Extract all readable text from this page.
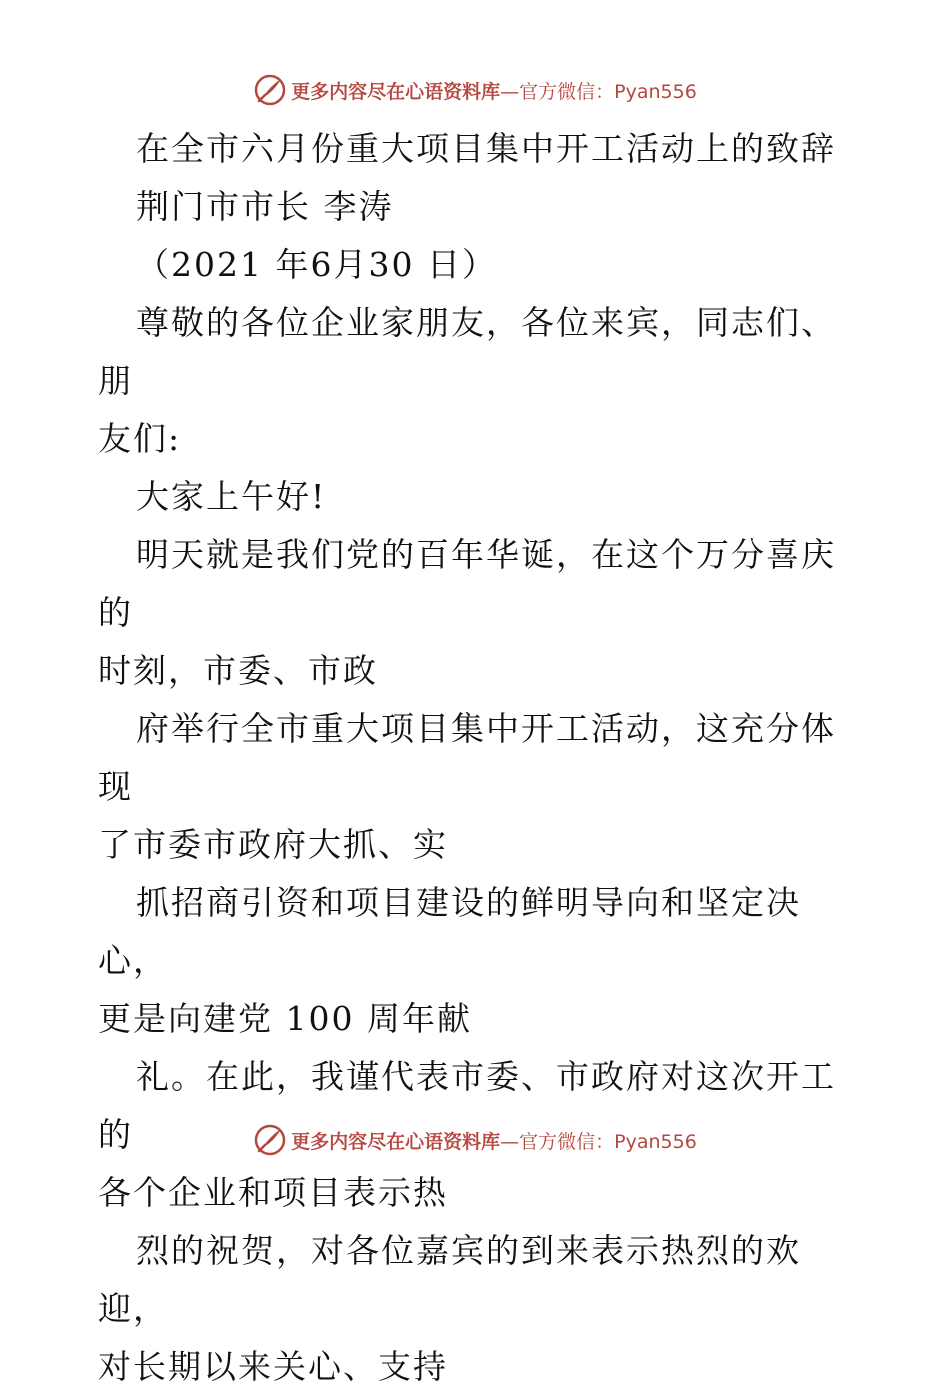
更多内容尽在心语资料库 —官方微信：Pyan556

在全市六月份重大项目集中开工活动上的致辞

荆门市市长 李涛

（2021 年6月30 日）

尊敬的各位企业家朋友，各位来宾，同志们、朋

友们:

大家上午好!

明天就是我们党的百年华诞，在这个万分喜庆的

时刻，市委、市政

府举行全市重大项目集中开工活动，这充分体现

了市委市政府大抓、实

抓招商引资和项目建设的鲜明导向和坚定决心，

更是向建党 100 周年献

礼。在此，我谨代表市委、市政府对这次开工的

各个企业和项目表示热

烈的祝贺，对各位嘉宾的到来表示热烈的欢迎，

对长期以来关心、支持

更多内容尽在心语资料库 —官方微信：Pyan556
